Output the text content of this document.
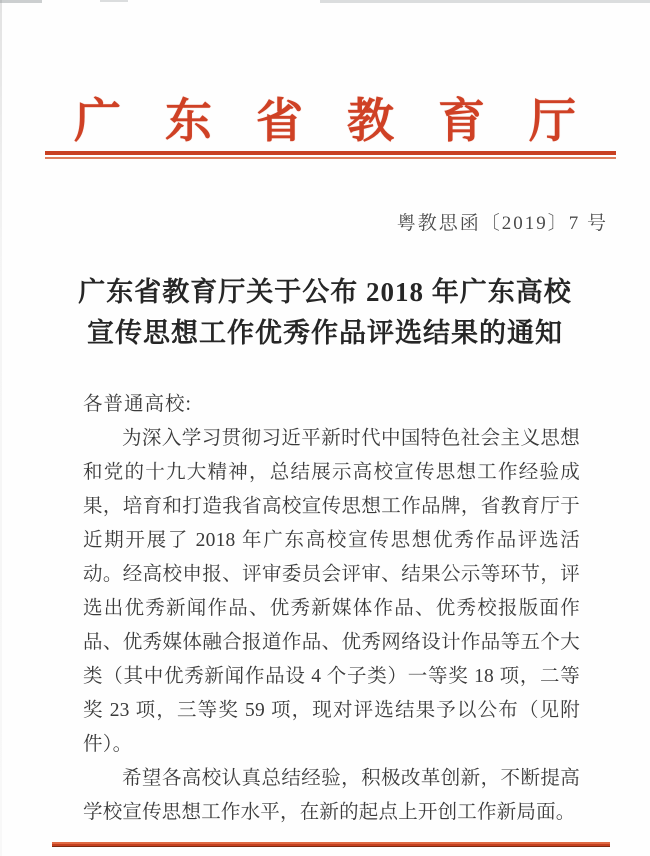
广东省教育厅
粤教思函〔2019〕7 号
广东省教育厅关于公布 2018 年广东高校
宣传思想工作优秀作品评选结果的通知

各普通高校:

为深入学习贯彻习近平新时代中国特色社会主义思想和党的十九大精神，总结展示高校宣传思想工作经验成果，培育和打造我省高校宣传思想工作品牌，省教育厅于近期开展了 2018 年广东高校宣传思想优秀作品评选活动。经高校申报、评审委员会评审、结果公示等环节，评选出优秀新闻作品、优秀新媒体作品、优秀校报版面作品、优秀媒体融合报道作品、优秀网络设计作品等五个大类（其中优秀新闻作品设 4 个子类）一等奖 18 项，二等奖 23 项，三等奖 59 项，现对评选结果予以公布（见附件）。

希望各高校认真总结经验，积极改革创新，不断提高学校宣传思想工作水平，在新的起点上开创工作新局面。
